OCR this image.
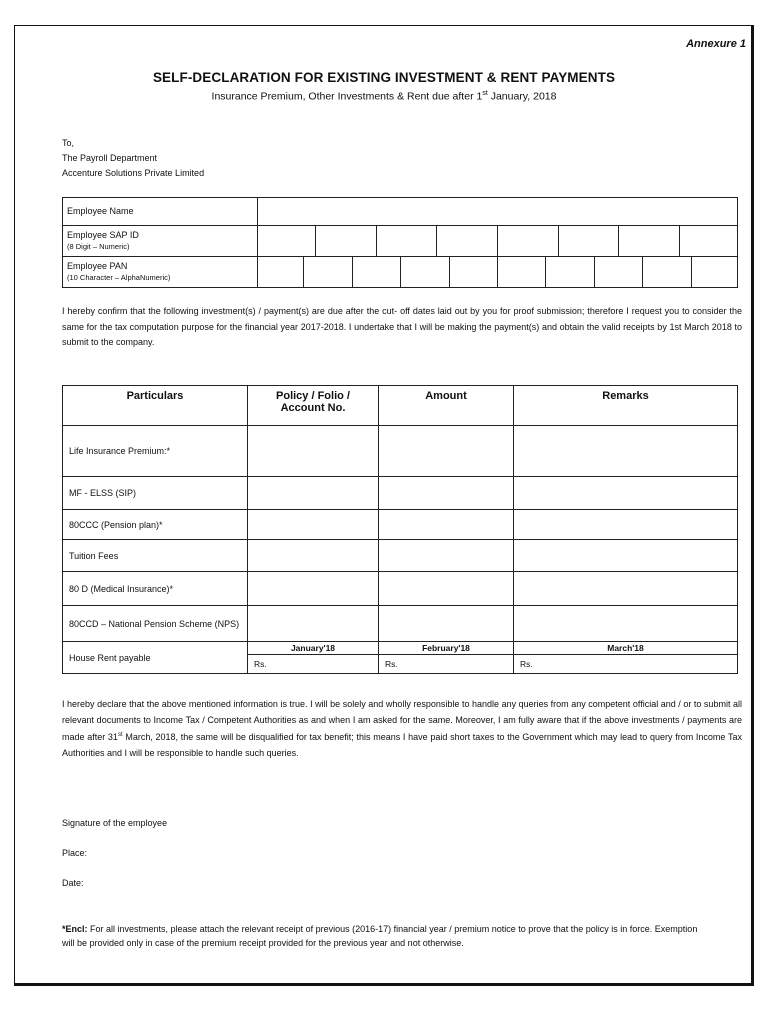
Annexure 1
SELF-DECLARATION FOR EXISTING INVESTMENT & RENT PAYMENTS
Insurance Premium, Other Investments & Rent due after 1st January, 2018
To,
The Payroll Department
Accenture Solutions Private Limited
Employee Name	

Employee SAP ID
(8 Digit – Numeric)

Employee PAN
(10 Character – AlphaNumeric)

I hereby confirm that the following investment(s) / payment(s) are due after the cut- off dates laid out by you for proof submission; therefore I request you to consider the same for the tax computation purpose for the financial year 2017-2018. I undertake that I will be making the payment(s) and obtain the valid receipts by 1st March 2018 to submit to the company.
Particulars	Policy / Folio / Account No.	Amount	Remarks
Life Insurance Premium:*			
MF - ELSS (SIP)			
80CCC (Pension plan)*			
Tuition Fees			
80 D (Medical Insurance)*			
80CCD – National Pension Scheme (NPS)			
House Rent payable	January'18	February'18	March'18
	Rs.	Rs.	Rs.
I hereby declare that the above mentioned information is true. I will be solely and wholly responsible to handle any queries from any competent official and / or to submit all relevant documents to Income Tax / Competent Authorities as and when I am asked for the same. Moreover, I am fully aware that if the above investments / payments are made after 31st March, 2018, the same will be disqualified for tax benefit; this means I have paid short taxes to the Government which may lead to query from Income Tax Authorities and I will be responsible to handle such queries.
Signature of the employee
Place:
Date:
*Encl: For all investments, please attach the relevant receipt of previous (2016-17) financial year / premium notice to prove that the policy is in force. Exemption will be provided only in case of the premium receipt provided for the previous year and not otherwise.
